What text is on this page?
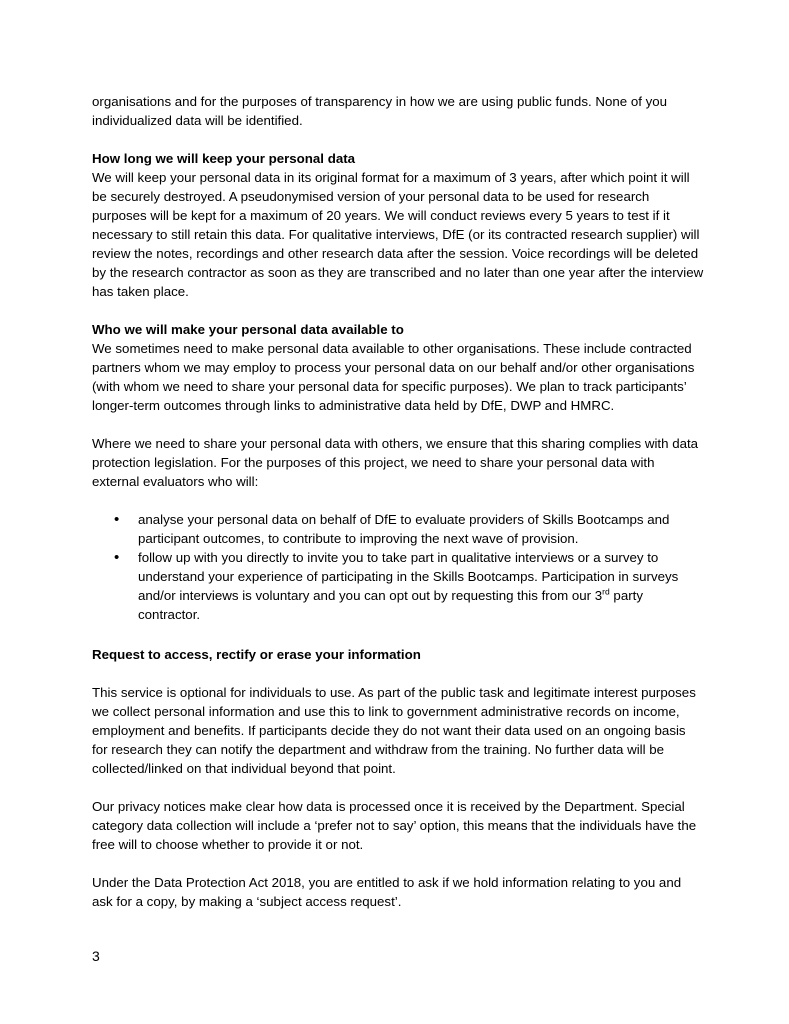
organisations and for the purposes of transparency in how we are using public funds. None of you individualized data will be identified.

How long we will keep your personal data

We will keep your personal data in its original format for a maximum of 3 years, after which point it will be securely destroyed. A pseudonymised version of your personal data to be used for research purposes will be kept for a maximum of 20 years. We will conduct reviews every 5 years to test if it necessary to still retain this data. For qualitative interviews, DfE (or its contracted research supplier) will review the notes, recordings and other research data after the session. Voice recordings will be deleted by the research contractor as soon as they are transcribed and no later than one year after the interview has taken place.

Who we will make your personal data available to

We sometimes need to make personal data available to other organisations. These include contracted partners whom we may employ to process your personal data on our behalf and/or other organisations (with whom we need to share your personal data for specific purposes). We plan to track participants’ longer-term outcomes through links to administrative data held by DfE, DWP and HMRC.

Where we need to share your personal data with others, we ensure that this sharing complies with data protection legislation. For the purposes of this project, we need to share your personal data with external evaluators who will:

• analyse your personal data on behalf of DfE to evaluate providers of Skills Bootcamps and participant outcomes, to contribute to improving the next wave of provision.
• follow up with you directly to invite you to take part in qualitative interviews or a survey to understand your experience of participating in the Skills Bootcamps. Participation in surveys and/or interviews is voluntary and you can opt out by requesting this from our 3rd party contractor.

Request to access, rectify or erase your information

This service is optional for individuals to use. As part of the public task and legitimate interest purposes we collect personal information and use this to link to government administrative records on income, employment and benefits. If participants decide they do not want their data used on an ongoing basis for research they can notify the department and withdraw from the training. No further data will be collected/linked on that individual beyond that point.

Our privacy notices make clear how data is processed once it is received by the Department. Special category data collection will include a ‘prefer not to say’ option, this means that the individuals have the free will to choose whether to provide it or not.

Under the Data Protection Act 2018, you are entitled to ask if we hold information relating to you and ask for a copy, by making a ‘subject access request’.

3
